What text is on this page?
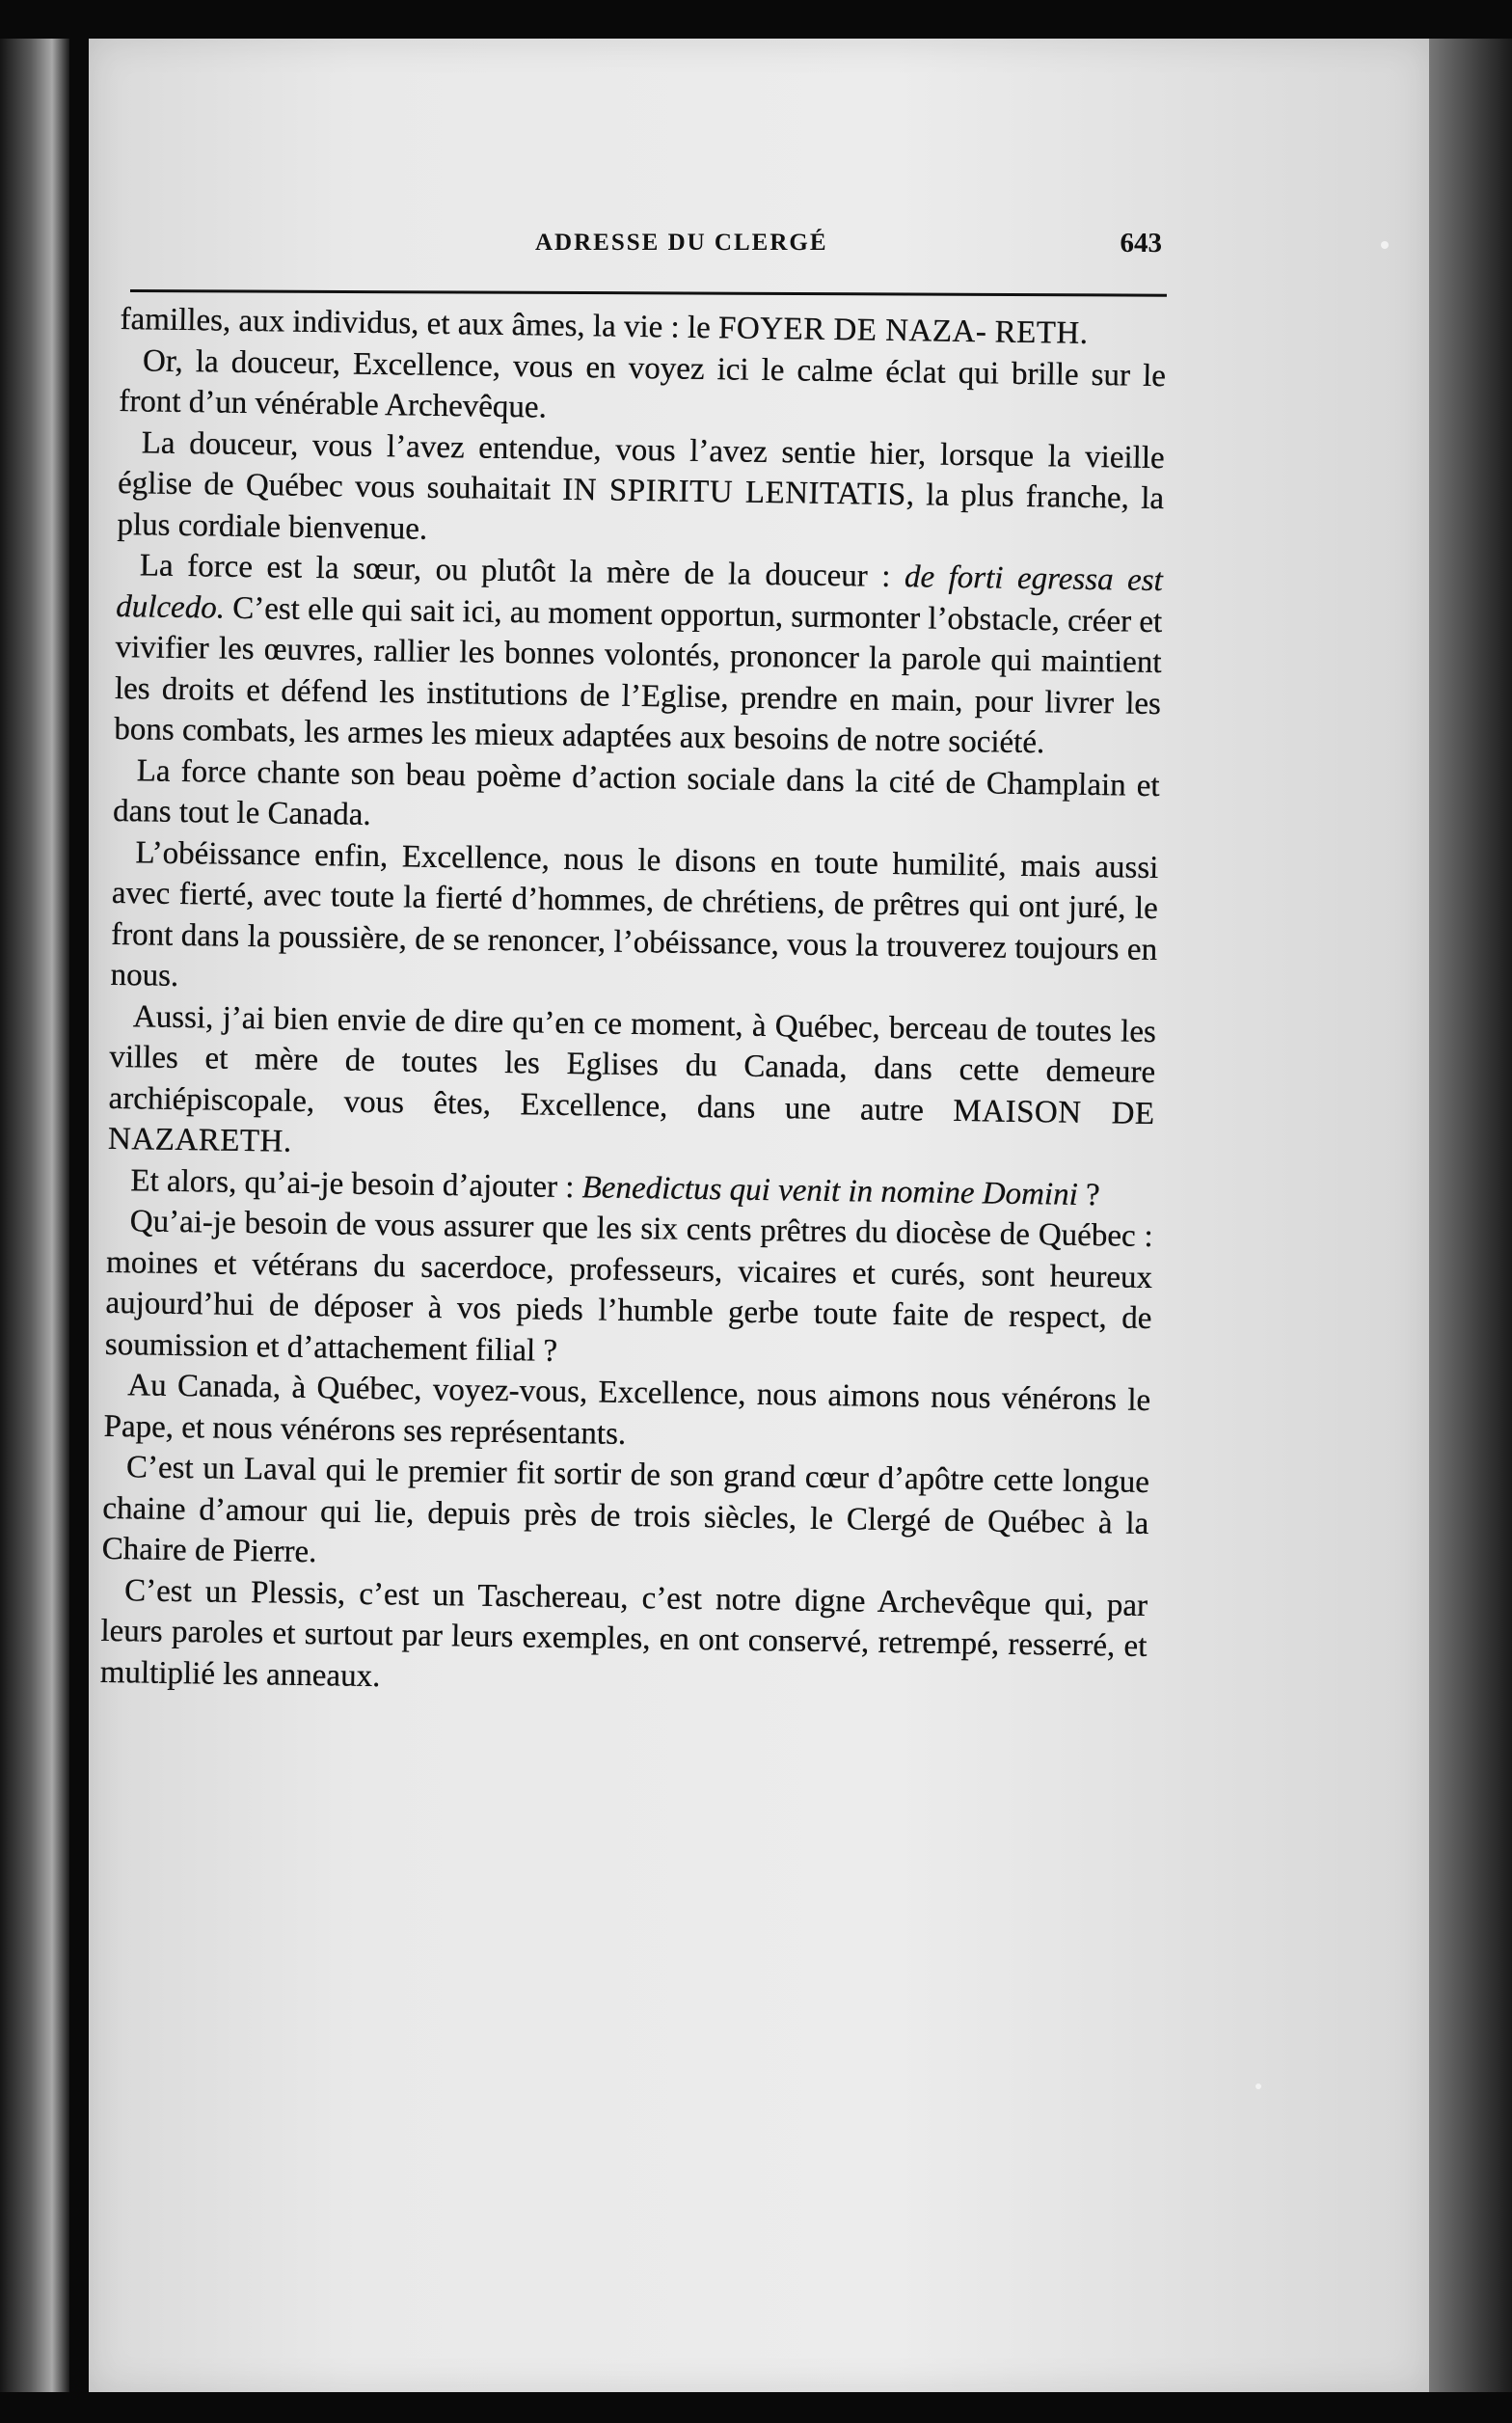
ADRESSE DU CLERGÉ	643

familles, aux individus, et aux âmes, la vie : le FOYER DE NAZA- RETH.

Or, la douceur, Excellence, vous en voyez ici le calme éclat qui brille sur le front d’un vénérable Archevêque.

La douceur, vous l’avez entendue, vous l’avez sentie hier, lorsque la vieille église de Québec vous souhaitait IN SPIRITU LENITATIS, la plus franche, la plus cordiale bienvenue.

La force est la sœur, ou plutôt la mère de la douceur : de forti egressa est dulcedo. C’est elle qui sait ici, au moment opportun, surmonter l’obstacle, créer et vivifier les œuvres, rallier les bonnes volontés, prononcer la parole qui maintient les droits et défend les institutions de l’Eglise, prendre en main, pour livrer les bons combats, les armes les mieux adaptées aux besoins de notre société.

La force chante son beau poème d’action sociale dans la cité de Champlain et dans tout le Canada.

L’obéissance enfin, Excellence, nous le disons en toute humilité, mais aussi avec fierté, avec toute la fierté d’hommes, de chrétiens, de prêtres qui ont juré, le front dans la poussière, de se renoncer, l’obéissance, vous la trouverez toujours en nous.

Aussi, j’ai bien envie de dire qu’en ce moment, à Québec, berceau de toutes les villes et mère de toutes les Eglises du Canada, dans cette demeure archiépiscopale, vous êtes, Excellence, dans une autre MAISON DE NAZARETH.

Et alors, qu’ai-je besoin d’ajouter : Benedictus qui venit in nomine Domini ?

Qu’ai-je besoin de vous assurer que les six cents prêtres du diocèse de Québec : moines et vétérans du sacerdoce, professeurs, vicaires et curés, sont heureux aujourd’hui de déposer à vos pieds l’humble gerbe toute faite de respect, de soumission et d’attachement filial ?

Au Canada, à Québec, voyez-vous, Excellence, nous aimons nous vénérons le Pape, et nous vénérons ses représentants.

C’est un Laval qui le premier fit sortir de son grand cœur d’apôtre cette longue chaine d’amour qui lie, depuis près de trois siècles, le Clergé de Québec à la Chaire de Pierre.

C’est un Plessis, c’est un Taschereau, c’est notre digne Archevêque qui, par leurs paroles et surtout par leurs exemples, en ont conservé, retrempé, resserré, et multiplié les anneaux.
